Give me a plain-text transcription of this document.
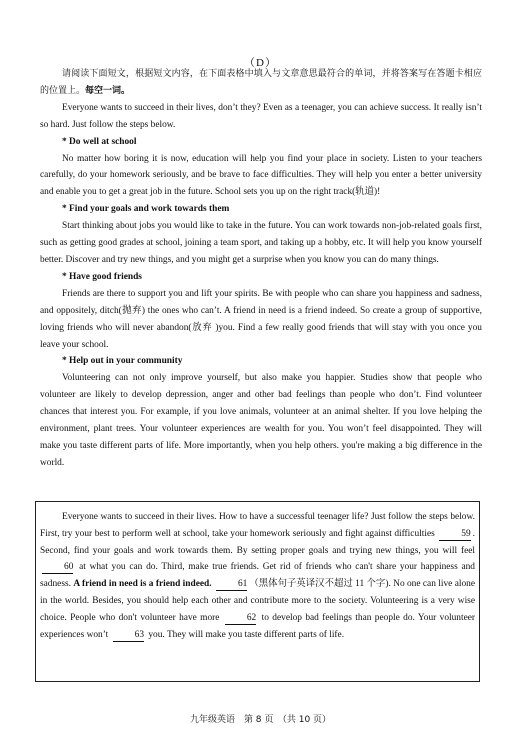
（D）

请阅读下面短文，根据短文内容，在下面表格中填入与文章意思最符合的单词，并将答案写在答题卡相应的位置上。每空一词。

Everyone wants to succeed in their lives, don’t they? Even as a teenager, you can achieve success. It really isn’t so hard. Just follow the steps below.

* Do well at school

No matter how boring it is now, education will help you find your place in society. Listen to your teachers carefully, do your homework seriously, and be brave to face difficulties. They will help you enter a better university and enable you to get a great job in the future. School sets you up on the right track(轨道)!

* Find your goals and work towards them

Start thinking about jobs you would like to take in the future. You can work towards non-job-related goals first, such as getting good grades at school, joining a team sport, and taking up a hobby, etc. It will help you know yourself better. Discover and try new things, and you might get a surprise when you know you can do many things.

* Have good friends

Friends are there to support you and lift your spirits. Be with people who can share you happiness and sadness, and oppositely, ditch(抛弃) the ones who can’t. A friend in need is a friend indeed. So create a group of supportive, loving friends who will never abandon(放弃 )you. Find a few really good friends that will stay with you once you leave your school.

* Help out in your community

Volunteering can not only improve yourself, but also make you happier. Studies show that people who volunteer are likely to develop depression, anger and other bad feelings than people who don’t. Find volunteer chances that interest you. For example, if you love animals, volunteer at an animal shelter. If you love helping the environment, plant trees. Your volunteer experiences are wealth for you. You won’t feel disappointed. They will make you taste different parts of life. More importantly, when you help others. you're making a big difference in the world.

Everyone wants to succeed in their lives. How to have a successful teenager life? Just follow the steps below. First, try your best to perform well at school, take your homework seriously and fight against difficulties	59 . Second, find your goals and work towards them. By setting proper goals and trying new things, you will feel 60 at what you can do. Third, make true friends. Get rid of friends who can't share your happiness and sadness. A friend in need is a friend indeed.	61 （黑体句子英译汉不超过 11 个字). No one can live alone in the world. Besides, you should help each other and contribute more to the society. Volunteering is a very wise choice. People who don't volunteer have more	62 to develop bad feelings than people do. Your volunteer experiences won’t	63 you. They will make you taste different parts of life.

九年级英语　第 8 页　（共 10 页）
